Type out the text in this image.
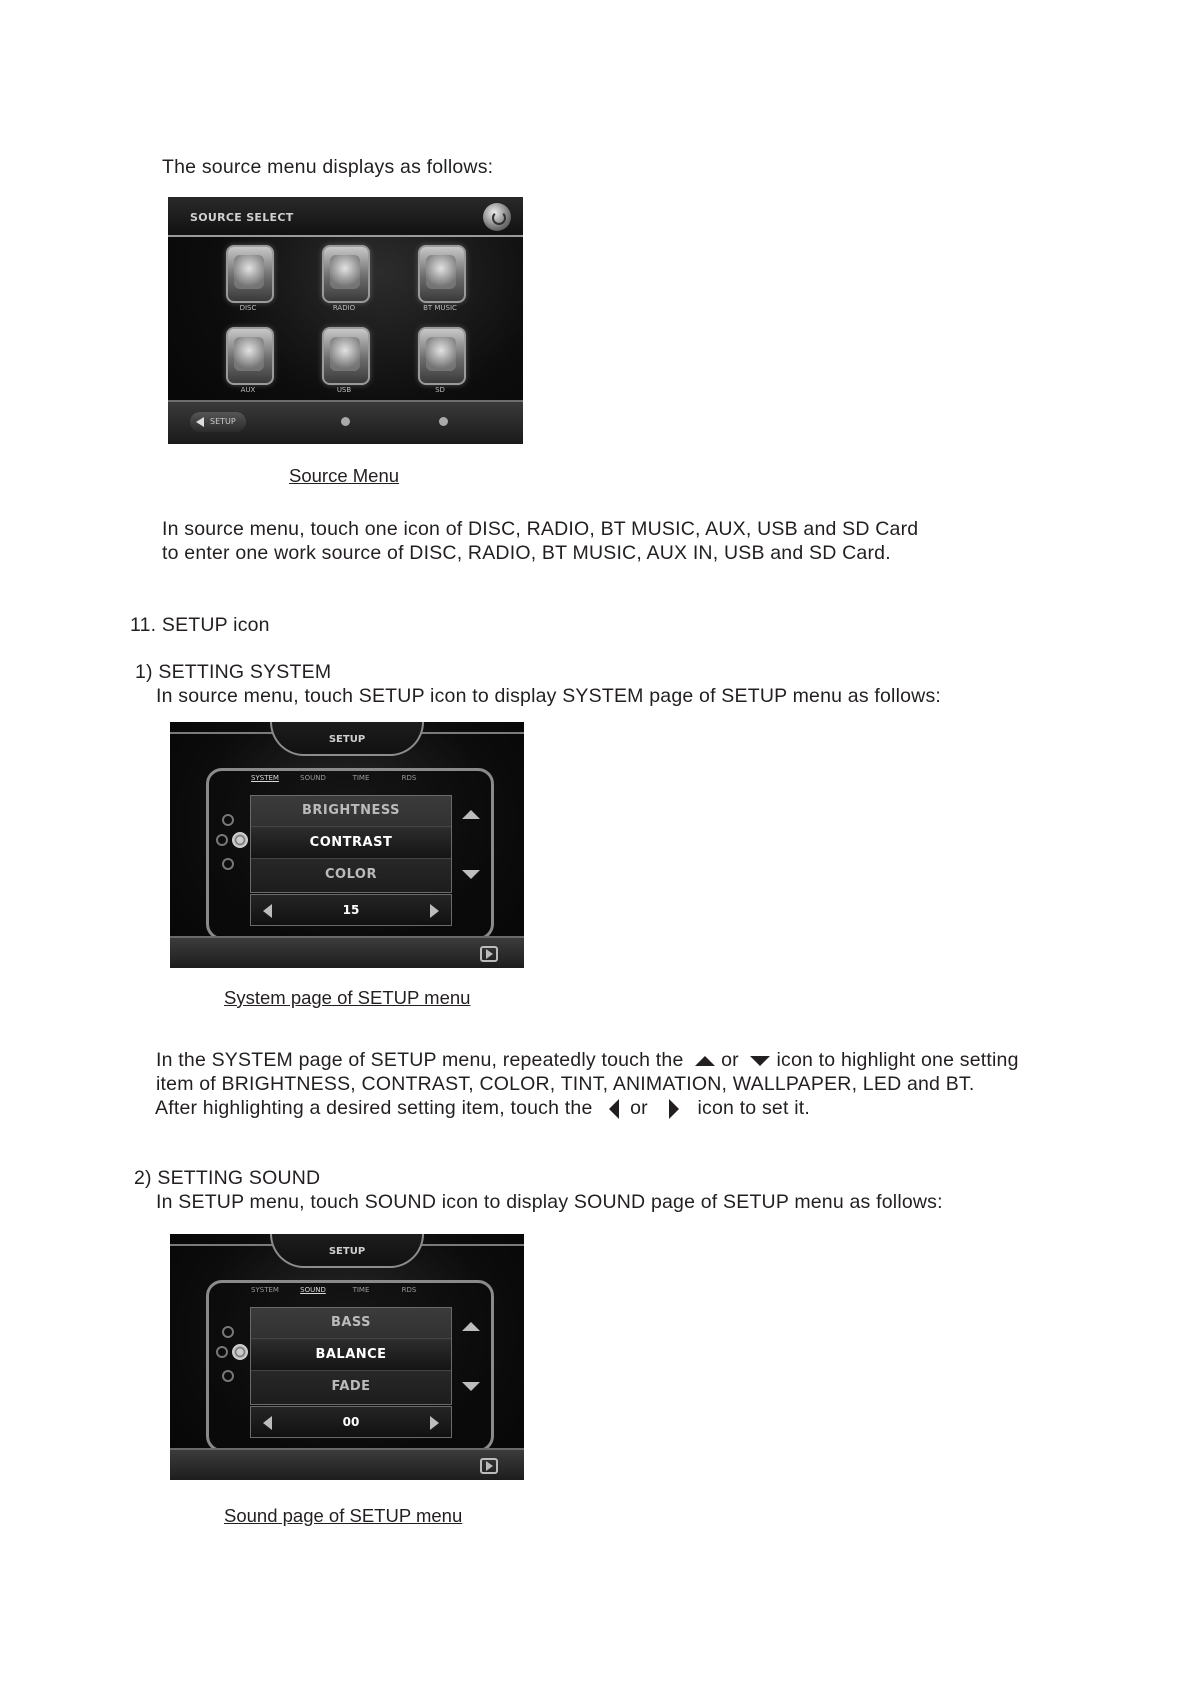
The source menu displays as follows:
SOURCE SELECT
DISC	RADIO	BT MUSIC
AUX	USB	SD
SETUP
Source Menu
In source menu, touch one icon of DISC, RADIO, BT MUSIC, AUX, USB and SD Card
to enter one work source of DISC, RADIO, BT MUSIC, AUX IN, USB and SD Card.
11. SETUP icon
1) SETTING SYSTEM
In source menu, touch SETUP icon to display SYSTEM page of SETUP menu as follows:
SETUP
SYSTEM	SOUND	TIME	RDS
BRIGHTNESS
CONTRAST
COLOR
15
System page of SETUP menu
In the SYSTEM page of SETUP menu, repeatedly touch the or icon to highlight one setting
item of BRIGHTNESS, CONTRAST, COLOR, TINT, ANIMATION, WALLPAPER, LED and BT.
After highlighting a desired setting item, touch the or	icon to set it.
2) SETTING SOUND
In SETUP menu, touch SOUND icon to display SOUND page of SETUP menu as follows:
SETUP
SYSTEM	SOUND	TIME	RDS
BASS
BALANCE
FADE
00
Sound page of SETUP menu
